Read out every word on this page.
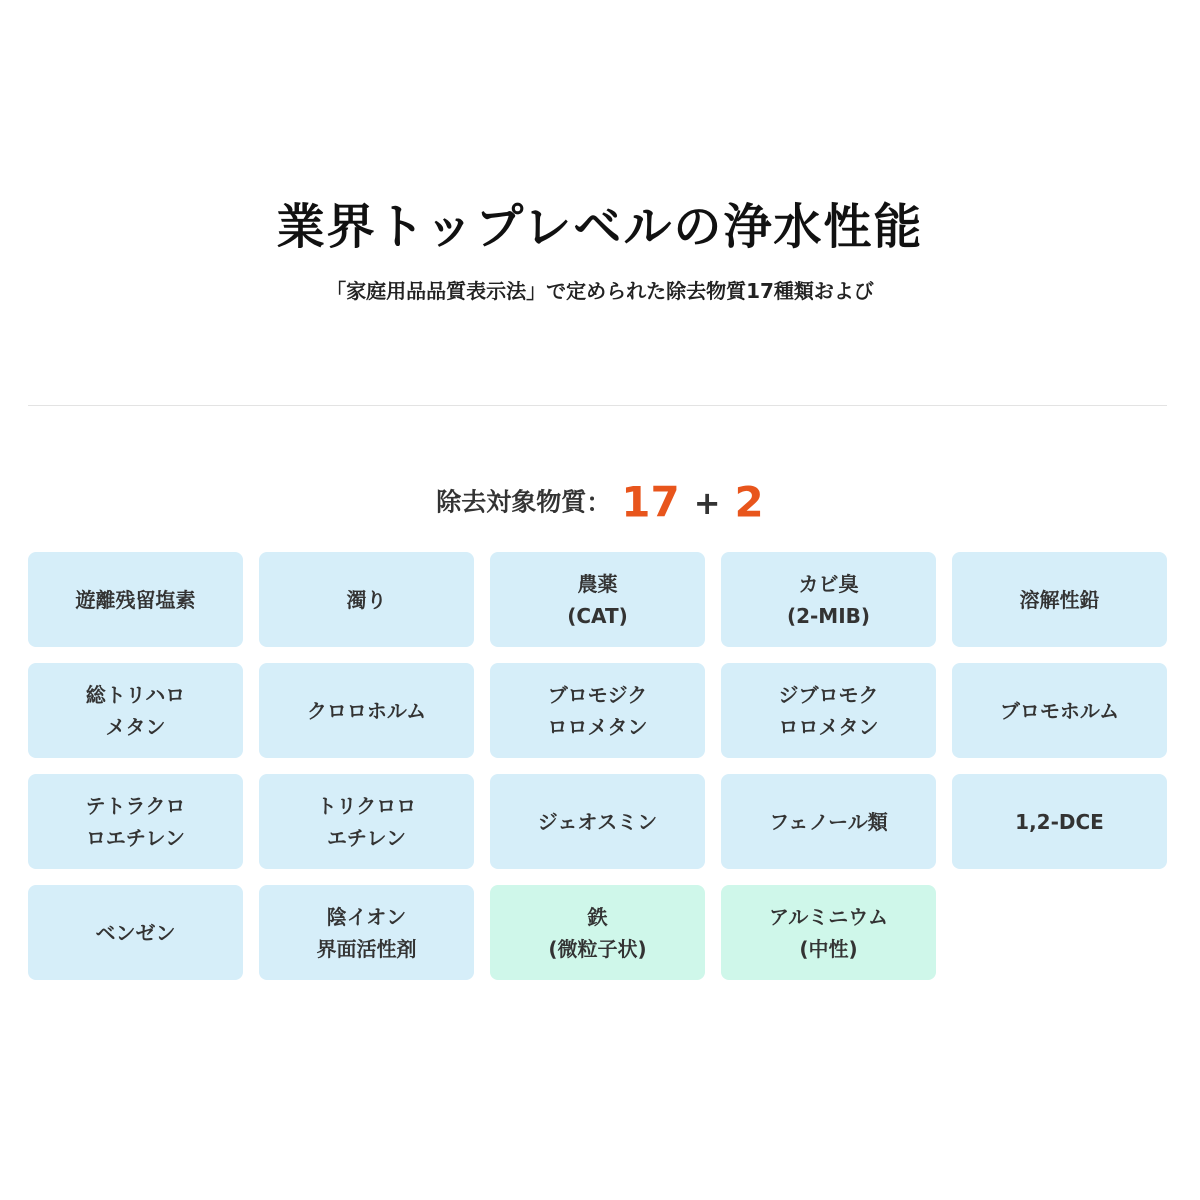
業界トップレベルの浄水性能
「家庭用品品質表示法」で定められた除去物質17種類および
除去対象物質： 17 + 2
遊離残留塩素	濁り
農薬
(CAT)
カビ臭
(2-MIB)
溶解性鉛
総トリハロ
メタン
クロロホルム
ブロモジク
ロロメタン
ジブロモク
ロロメタン
ブロモホルム
テトラクロ
ロエチレン
トリクロロ
エチレン
ジェオスミン	フェノール類	1,2-DCE
ベンゼン
陰イオン
界面活性剤
鉄
(微粒子状)
アルミニウム
(中性)
